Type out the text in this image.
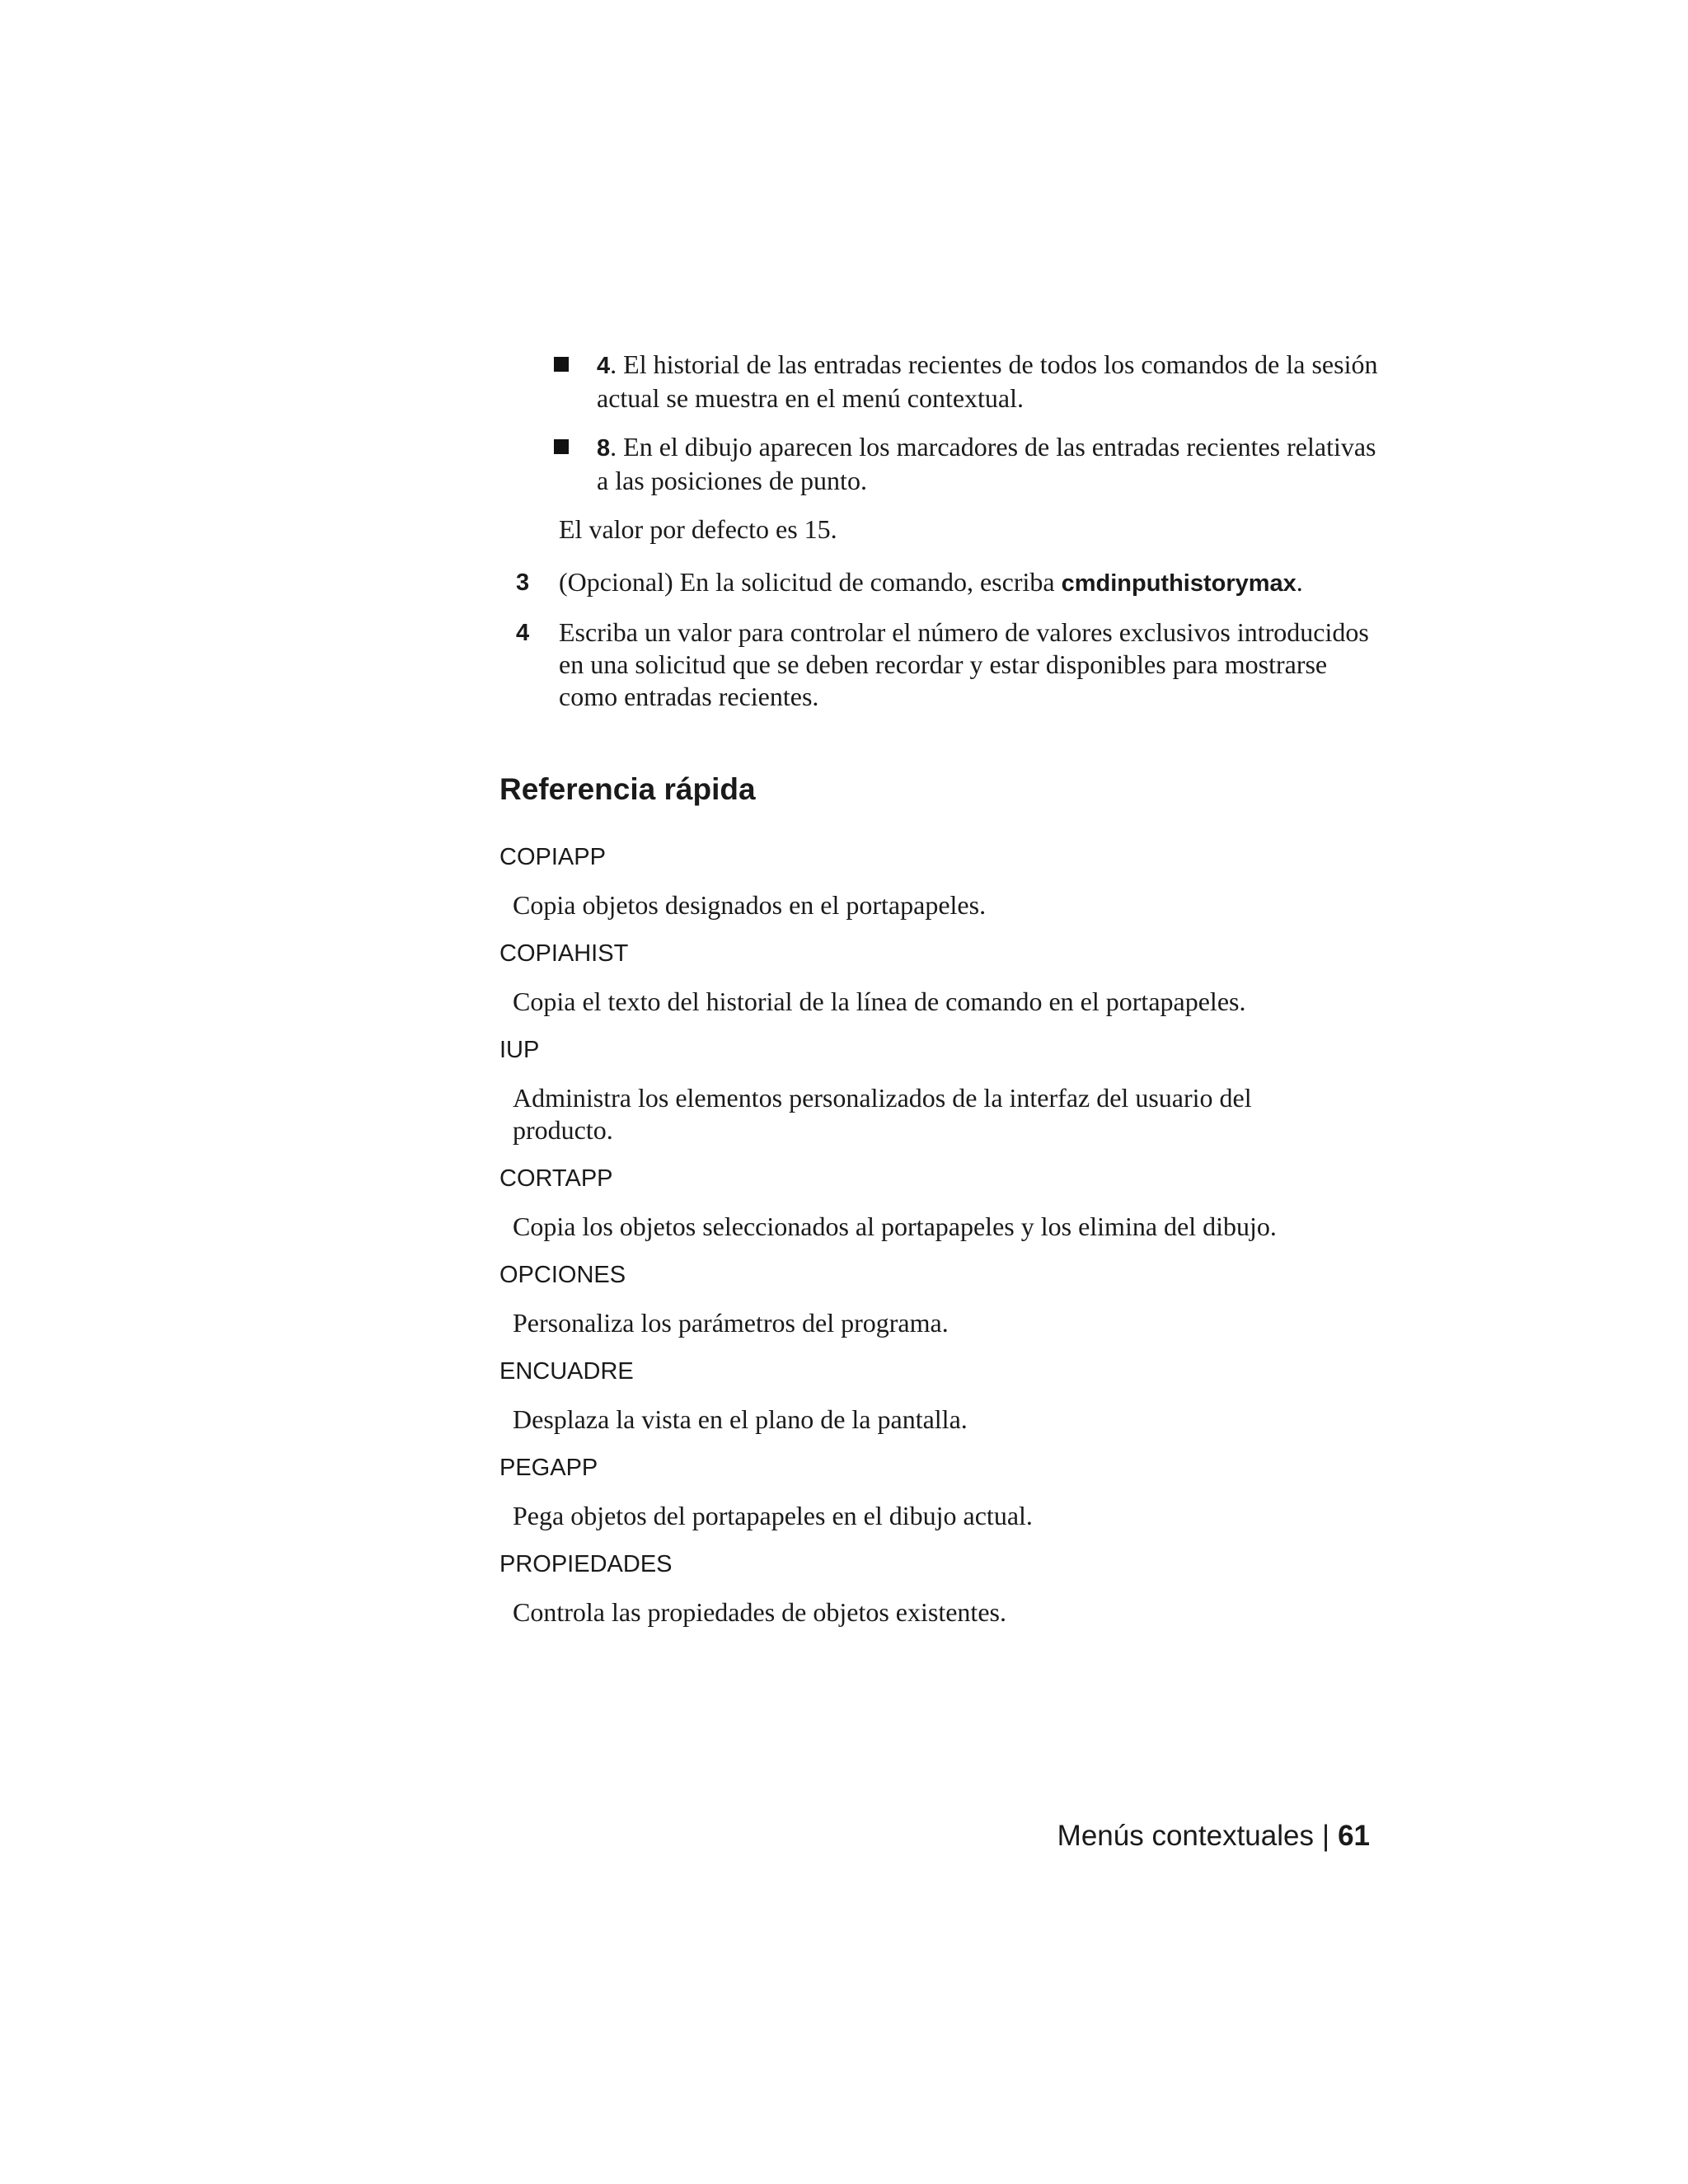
4. El historial de las entradas recientes de todos los comandos de la sesión actual se muestra en el menú contextual.
8. En el dibujo aparecen los marcadores de las entradas recientes relativas a las posiciones de punto.
El valor por defecto es 15.
3 (Opcional) En la solicitud de comando, escriba cmdinputhistorymax.
4 Escriba un valor para controlar el número de valores exclusivos introducidos en una solicitud que se deben recordar y estar disponibles para mostrarse como entradas recientes.
Referencia rápida
COPIAPP
Copia objetos designados en el portapapeles.
COPIAHIST
Copia el texto del historial de la línea de comando en el portapapeles.
IUP
Administra los elementos personalizados de la interfaz del usuario del producto.
CORTAPP
Copia los objetos seleccionados al portapapeles y los elimina del dibujo.
OPCIONES
Personaliza los parámetros del programa.
ENCUADRE
Desplaza la vista en el plano de la pantalla.
PEGAPP
Pega objetos del portapapeles en el dibujo actual.
PROPIEDADES
Controla las propiedades de objetos existentes.
Menús contextuales | 61
